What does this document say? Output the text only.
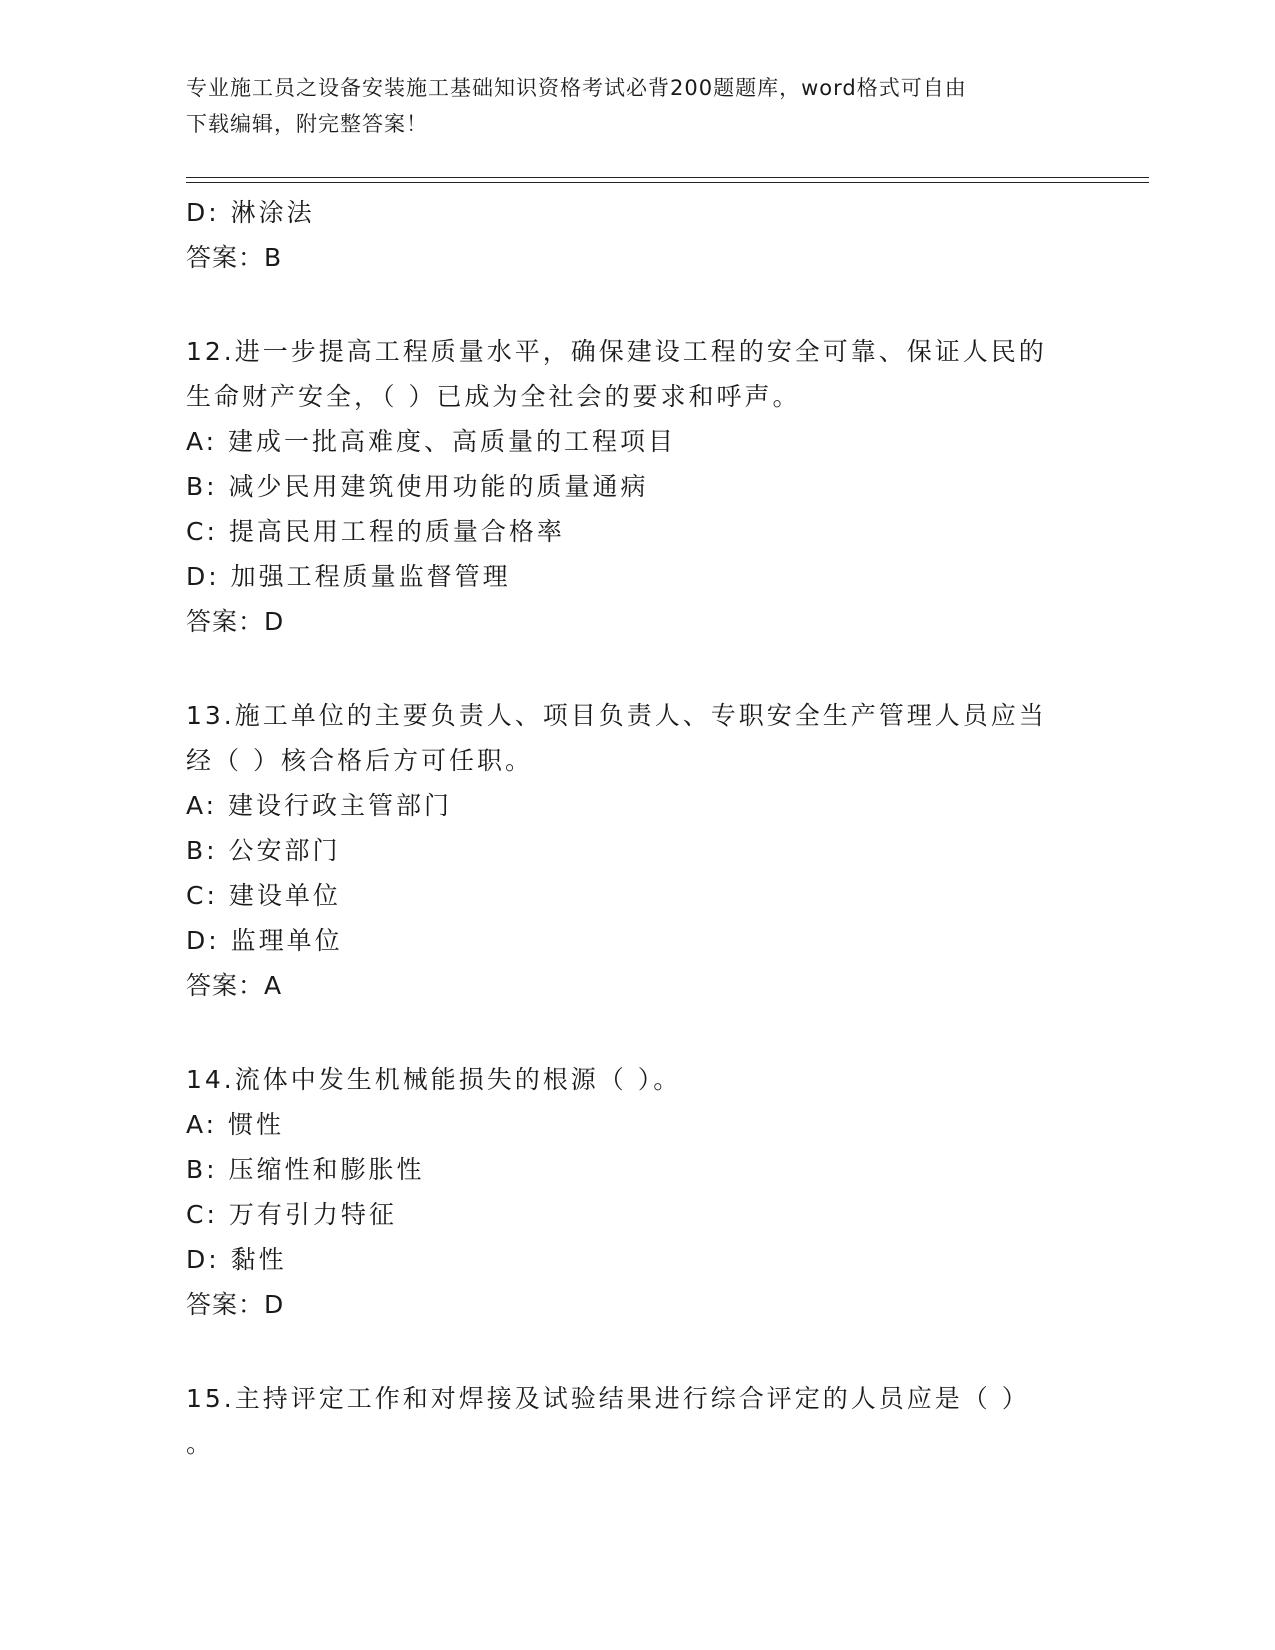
专业施工员之设备安装施工基础知识资格考试必背200题题库，word格式可自由
下载编辑，附完整答案！
D: 淋涂法
答案：B
12.进一步提高工程质量水平，确保建设工程的安全可靠、保证人民的
生命财产安全，（ ）已成为全社会的要求和呼声。
A: 建成一批高难度、高质量的工程项目
B: 减少民用建筑使用功能的质量通病
C: 提高民用工程的质量合格率
D: 加强工程质量监督管理
答案：D
13.施工单位的主要负责人、项目负责人、专职安全生产管理人员应当
经（ ）核合格后方可任职。
A: 建设行政主管部门
B: 公安部门
C: 建设单位
D: 监理单位
答案：A
14.流体中发生机械能损失的根源（ ）。
A: 惯性
B: 压缩性和膨胀性
C: 万有引力特征
D: 黏性
答案：D
15.主持评定工作和对焊接及试验结果进行综合评定的人员应是（ ）
。
